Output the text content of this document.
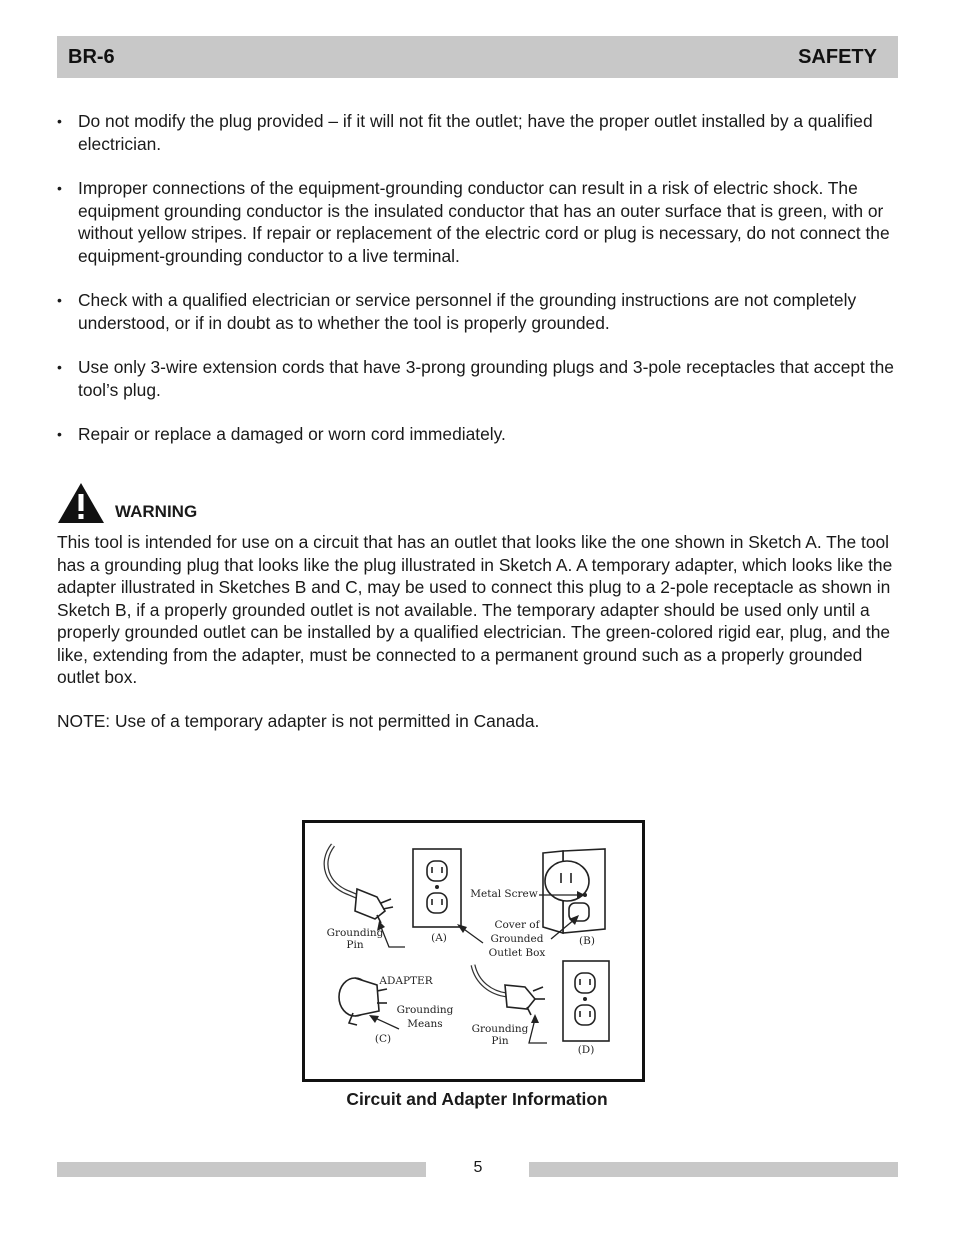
BR-6	SAFETY
• Do not modify the plug provided – if it will not fit the outlet; have the proper outlet installed by a qualified electrician.
• Improper connections of the equipment-grounding conductor can result in a risk of electric shock. The equipment grounding conductor is the insulated conductor that has an outer surface that is green, with or without yellow stripes. If repair or replacement of the electric cord or plug is necessary, do not connect the equipment-grounding conductor to a live terminal.
• Check with a qualified electrician or service personnel if the grounding instructions are not completely understood, or if in doubt as to whether the tool is properly grounded.
• Use only 3-wire extension cords that have 3-prong grounding plugs and 3-pole receptacles that accept the tool’s plug.
• Repair or replace a damaged or worn cord immediately.
WARNING
This tool is intended for use on a circuit that has an outlet that looks like the one shown in Sketch A. The tool has a grounding plug that looks like the plug illustrated in Sketch A. A temporary adapter, which looks like the adapter illustrated in Sketches B and C, may be used to connect this plug to a 2-pole receptacle as shown in Sketch B, if a properly grounded outlet is not available. The temporary adapter should be used only until a properly grounded outlet can be installed by a qualified electrician. The green-colored rigid ear, plug, and the like, extending from the adapter, must be connected to a permanent ground such as a properly grounded outlet box.
NOTE: Use of a temporary adapter is not permitted in Canada.
Grounding
Pin
(A)
Metal Screw
Cover of
Grounded
Outlet Box
(B)
ADAPTER
Grounding
Means
(C)
Grounding
Pin
(D)
Circuit and Adapter Information
5
